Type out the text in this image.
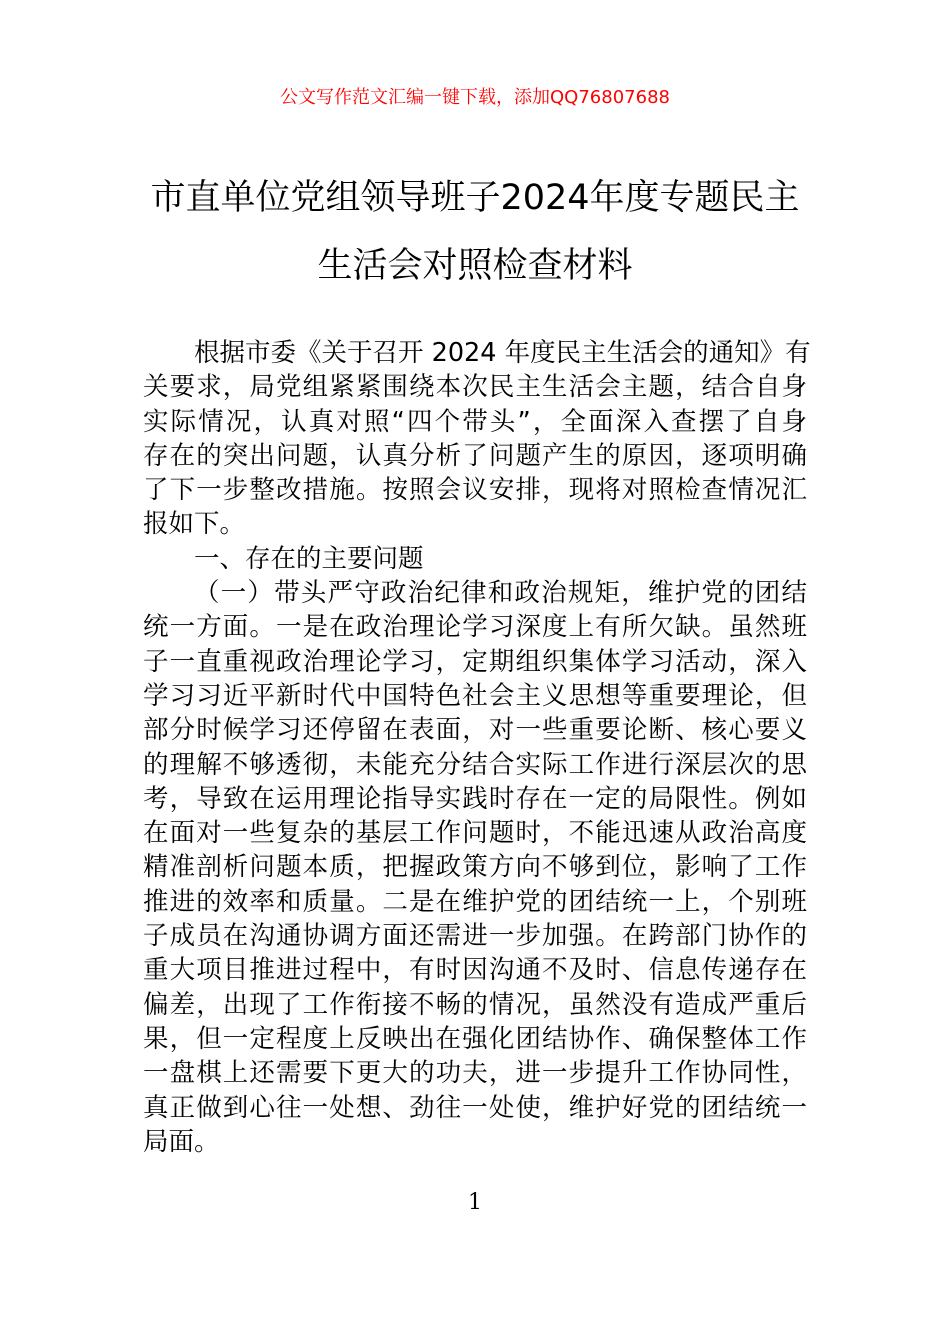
公文写作范文汇编一键下载，添加QQ76807688
市直单位党组领导班子2024年度专题民主
生活会对照检查材料
根据市委《关于召开 2024 年度民主生活会的通知》有
关要求，局党组紧紧围绕本次民主生活会主题，结合自身
实际情况，认真对照“四个带头”，全面深入查摆了自身
存在的突出问题，认真分析了问题产生的原因，逐项明确
了下一步整改措施。按照会议安排，现将对照检查情况汇
报如下。
一、存在的主要问题
（一）带头严守政治纪律和政治规矩，维护党的团结
统一方面。一是在政治理论学习深度上有所欠缺。虽然班
子一直重视政治理论学习，定期组织集体学习活动，深入
学习习近平新时代中国特色社会主义思想等重要理论，但
部分时候学习还停留在表面，对一些重要论断、核心要义
的理解不够透彻，未能充分结合实际工作进行深层次的思
考，导致在运用理论指导实践时存在一定的局限性。例如
在面对一些复杂的基层工作问题时，不能迅速从政治高度
精准剖析问题本质，把握政策方向不够到位，影响了工作
推进的效率和质量。二是在维护党的团结统一上，个别班
子成员在沟通协调方面还需进一步加强。在跨部门协作的
重大项目推进过程中，有时因沟通不及时、信息传递存在
偏差，出现了工作衔接不畅的情况，虽然没有造成严重后
果，但一定程度上反映出在强化团结协作、确保整体工作
一盘棋上还需要下更大的功夫，进一步提升工作协同性，
真正做到心往一处想、劲往一处使，维护好党的团结统一
局面。
1
